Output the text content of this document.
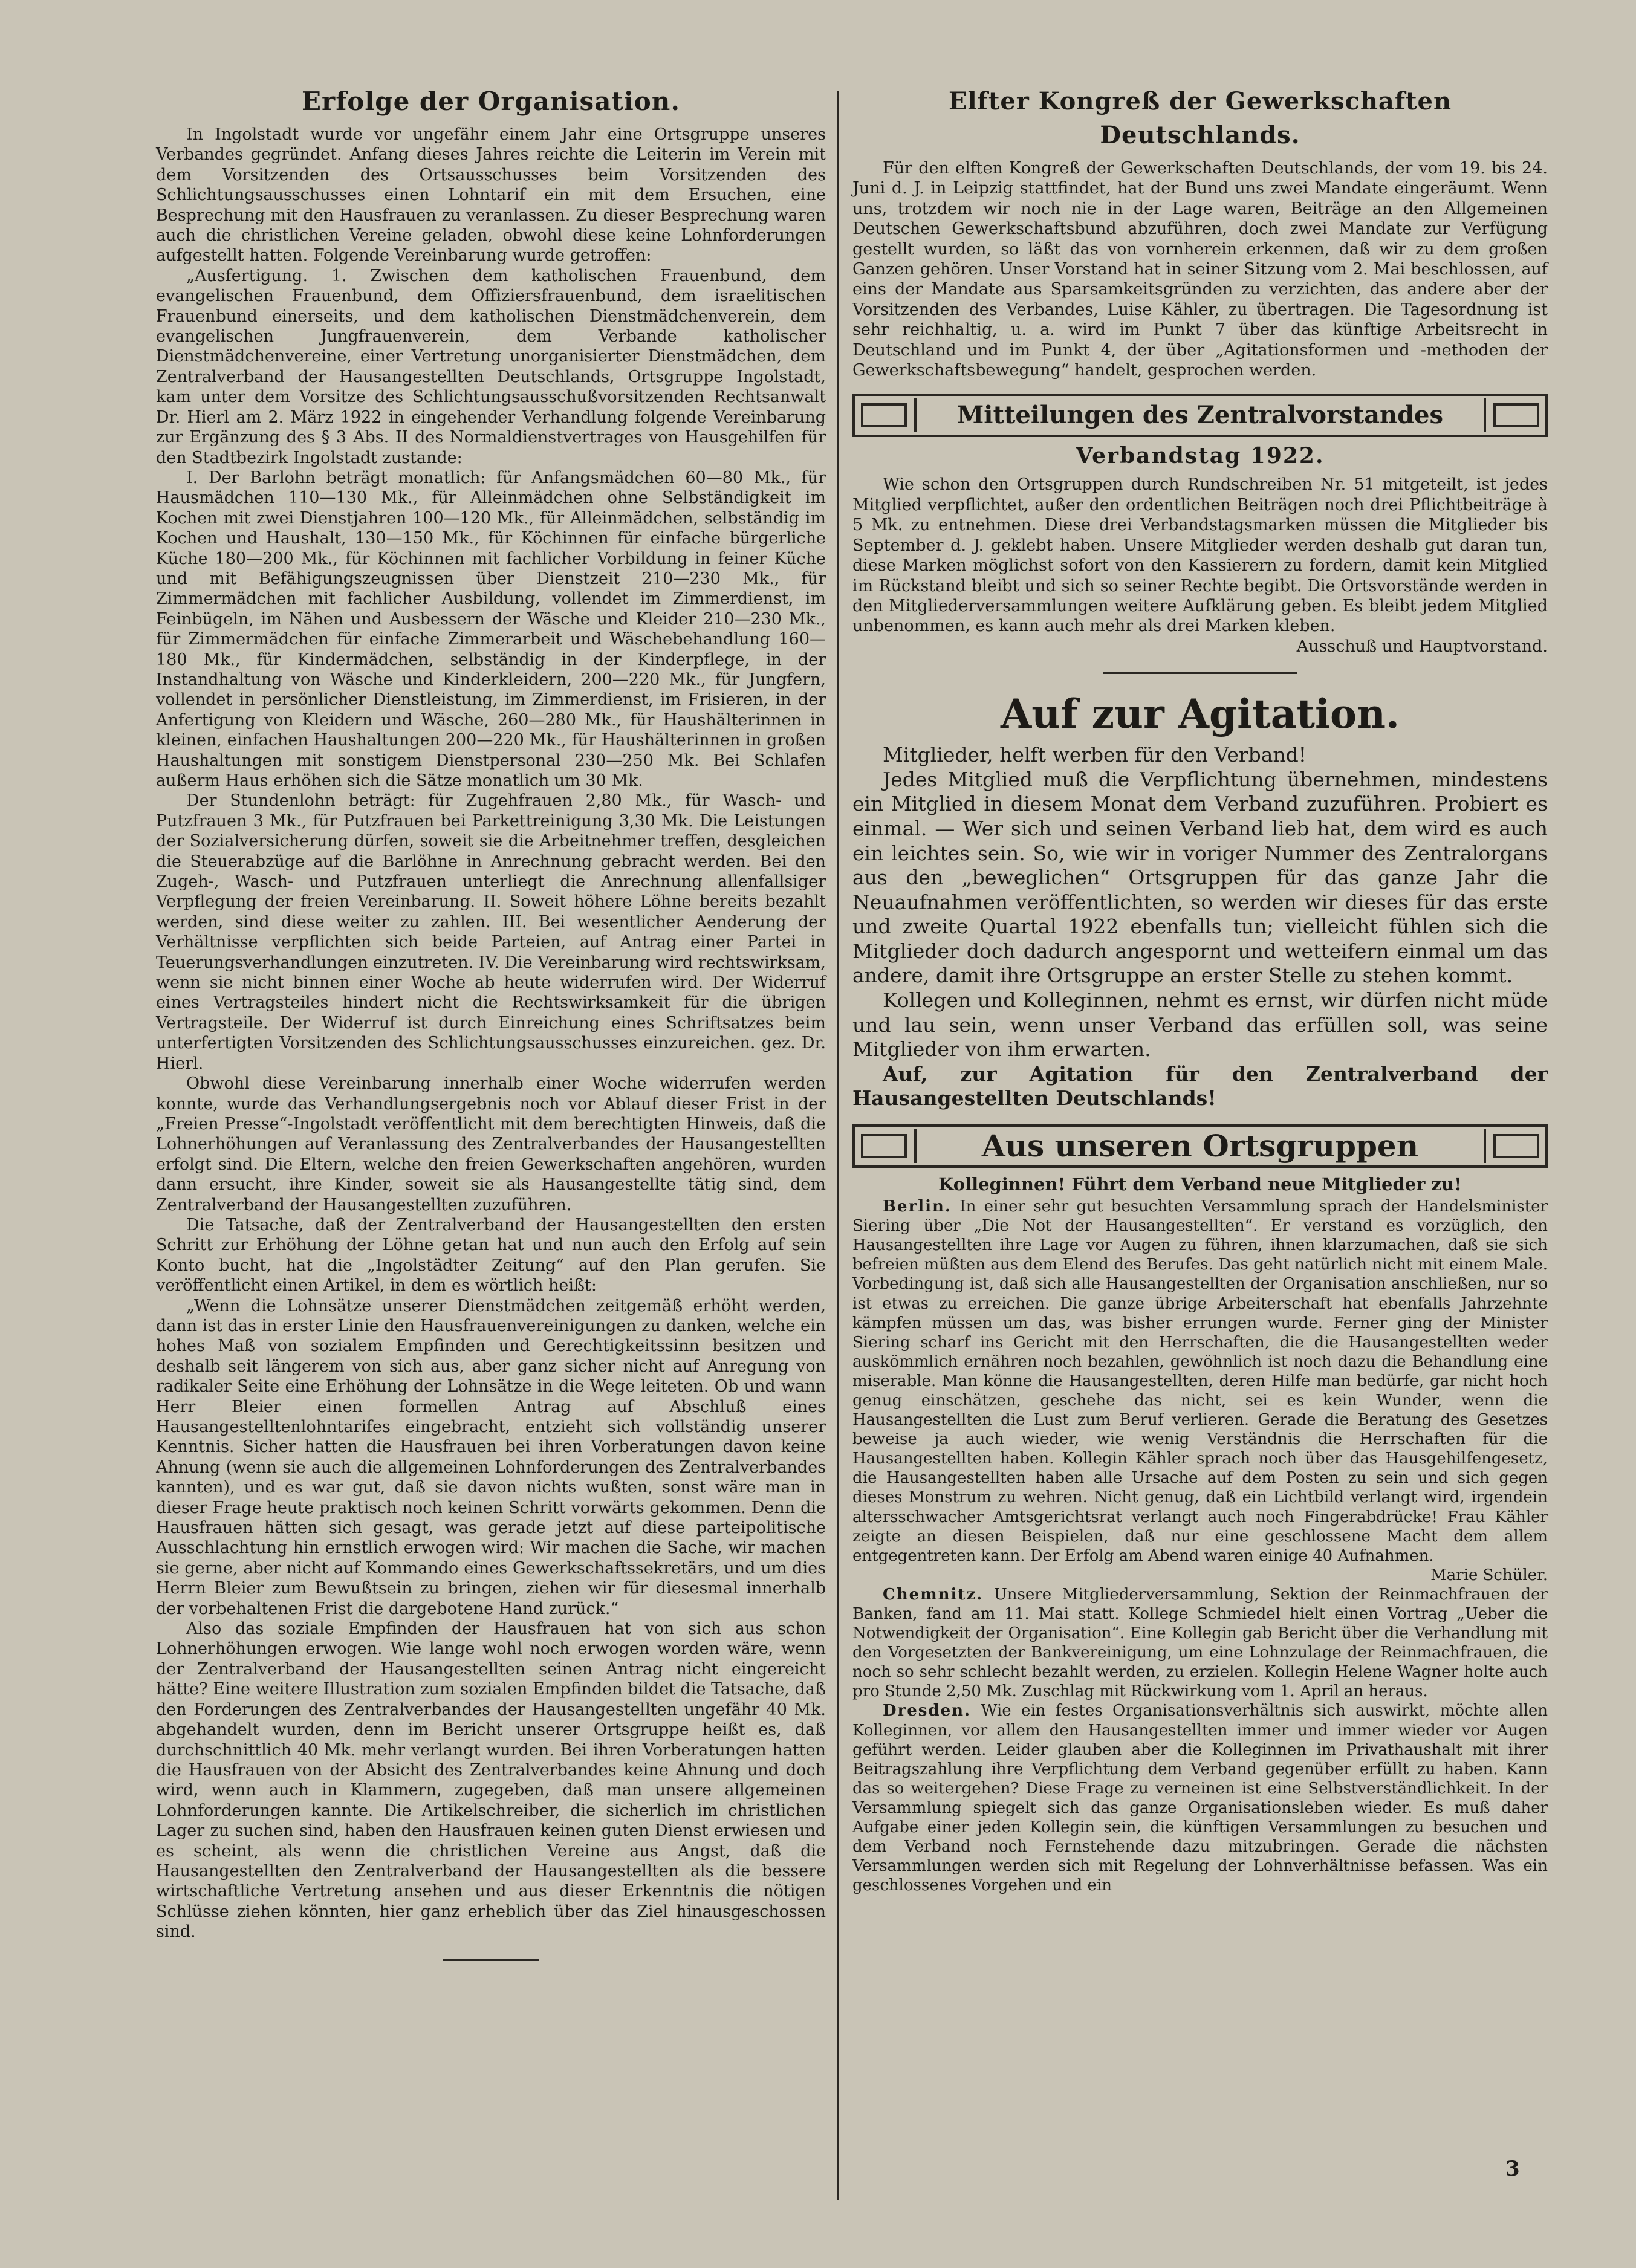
Erfolge der Organisation.

In Ingolstadt wurde vor ungefähr einem Jahr eine Ortsgruppe unseres Verbandes gegründet. Anfang dieses Jahres reichte die Leiterin im Verein mit dem Vorsitzenden des Ortsausschusses beim Vorsitzenden des Schlichtungsausschusses einen Lohntarif ein mit dem Ersuchen, eine Besprechung mit den Hausfrauen zu veranlassen. Zu dieser Besprechung waren auch die christlichen Vereine geladen, obwohl diese keine Lohnforderungen aufgestellt hatten. Folgende Vereinbarung wurde getroffen:

„Ausfertigung. 1. Zwischen dem katholischen Frauenbund, dem evangelischen Frauenbund, dem Offiziersfrauenbund, dem israelitischen Frauenbund einerseits, und dem katholischen Dienstmädchenverein, dem evangelischen Jungfrauenverein, dem Verbande katholischer Dienstmädchenvereine, einer Vertretung unorganisierter Dienstmädchen, dem Zentralverband der Hausangestellten Deutschlands, Ortsgruppe Ingolstadt, kam unter dem Vorsitze des Schlichtungsausschußvorsitzenden Rechtsanwalt Dr. Hierl am 2. März 1922 in eingehender Verhandlung folgende Vereinbarung zur Ergänzung des § 3 Abs. II des Normaldienstvertrages von Hausgehilfen für den Stadtbezirk Ingolstadt zustande:

I. Der Barlohn beträgt monatlich: für Anfangsmädchen 60—80 Mk., für Hausmädchen 110—130 Mk., für Alleinmädchen ohne Selbständigkeit im Kochen mit zwei Dienstjahren 100—120 Mk., für Alleinmädchen, selbständig im Kochen und Haushalt, 130—150 Mk., für Köchinnen für einfache bürgerliche Küche 180—200 Mk., für Köchinnen mit fachlicher Vorbildung in feiner Küche und mit Befähigungszeugnissen über Dienstzeit 210—230 Mk., für Zimmermädchen mit fachlicher Ausbildung, vollendet im Zimmerdienst, im Feinbügeln, im Nähen und Ausbessern der Wäsche und Kleider 210—230 Mk., für Zimmermädchen für einfache Zimmerarbeit und Wäschebehandlung 160—180 Mk., für Kindermädchen, selbständig in der Kinderpflege, in der Instandhaltung von Wäsche und Kinderkleidern, 200—220 Mk., für Jungfern, vollendet in persönlicher Dienstleistung, im Zimmerdienst, im Frisieren, in der Anfertigung von Kleidern und Wäsche, 260—280 Mk., für Haushälterinnen in kleinen, einfachen Haushaltungen 200—220 Mk., für Haushälterinnen in großen Haushaltungen mit sonstigem Dienstpersonal 230—250 Mk. Bei Schlafen außerm Haus erhöhen sich die Sätze monatlich um 30 Mk.

Der Stundenlohn beträgt: für Zugehfrauen 2,80 Mk., für Wasch- und Putzfrauen 3 Mk., für Putzfrauen bei Parkettreinigung 3,30 Mk. Die Leistungen der Sozialversicherung dürfen, soweit sie die Arbeitnehmer treffen, desgleichen die Steuerabzüge auf die Barlöhne in Anrechnung gebracht werden. Bei den Zugeh-, Wasch- und Putzfrauen unterliegt die Anrechnung allenfallsiger Verpflegung der freien Vereinbarung. II. Soweit höhere Löhne bereits bezahlt werden, sind diese weiter zu zahlen. III. Bei wesentlicher Aenderung der Verhältnisse verpflichten sich beide Parteien, auf Antrag einer Partei in Teuerungsverhandlungen einzutreten. IV. Die Vereinbarung wird rechtswirksam, wenn sie nicht binnen einer Woche ab heute widerrufen wird. Der Widerruf eines Vertragsteiles hindert nicht die Rechtswirksamkeit für die übrigen Vertragsteile. Der Widerruf ist durch Einreichung eines Schriftsatzes beim unterfertigten Vorsitzenden des Schlichtungsausschusses einzureichen. gez. Dr. Hierl.

Obwohl diese Vereinbarung innerhalb einer Woche widerrufen werden konnte, wurde das Verhandlungsergebnis noch vor Ablauf dieser Frist in der „Freien Presse“-Ingolstadt veröffentlicht mit dem berechtigten Hinweis, daß die Lohnerhöhungen auf Veranlassung des Zentralverbandes der Hausangestellten erfolgt sind. Die Eltern, welche den freien Gewerkschaften angehören, wurden dann ersucht, ihre Kinder, soweit sie als Hausangestellte tätig sind, dem Zentralverband der Hausangestellten zuzuführen.

Die Tatsache, daß der Zentralverband der Hausangestellten den ersten Schritt zur Erhöhung der Löhne getan hat und nun auch den Erfolg auf sein Konto bucht, hat die „Ingolstädter Zeitung“ auf den Plan gerufen. Sie veröffentlicht einen Artikel, in dem es wörtlich heißt:

„Wenn die Lohnsätze unserer Dienstmädchen zeitgemäß erhöht werden, dann ist das in erster Linie den Hausfrauenvereinigungen zu danken, welche ein hohes Maß von sozialem Empfinden und Gerechtigkeitssinn besitzen und deshalb seit längerem von sich aus, aber ganz sicher nicht auf Anregung von radikaler Seite eine Erhöhung der Lohnsätze in die Wege leiteten. Ob und wann Herr Bleier einen formellen Antrag auf Abschluß eines Hausangestelltenlohntarifes eingebracht, entzieht sich vollständig unserer Kenntnis. Sicher hatten die Hausfrauen bei ihren Vorberatungen davon keine Ahnung (wenn sie auch die allgemeinen Lohnforderungen des Zentralverbandes kannten), und es war gut, daß sie davon nichts wußten, sonst wäre man in dieser Frage heute praktisch noch keinen Schritt vorwärts gekommen. Denn die Hausfrauen hätten sich gesagt, was gerade jetzt auf diese parteipolitische Ausschlachtung hin ernstlich erwogen wird: Wir machen die Sache, wir machen sie gerne, aber nicht auf Kommando eines Gewerkschaftssekretärs, und um dies Herrn Bleier zum Bewußtsein zu bringen, ziehen wir für diesesmal innerhalb der vorbehaltenen Frist die dargebotene Hand zurück.“

Also das soziale Empfinden der Hausfrauen hat von sich aus schon Lohnerhöhungen erwogen. Wie lange wohl noch erwogen worden wäre, wenn der Zentralverband der Hausangestellten seinen Antrag nicht eingereicht hätte? Eine weitere Illustration zum sozialen Empfinden bildet die Tatsache, daß den Forderungen des Zentralverbandes der Hausangestellten ungefähr 40 Mk. abgehandelt wurden, denn im Bericht unserer Ortsgruppe heißt es, daß durchschnittlich 40 Mk. mehr verlangt wurden. Bei ihren Vorberatungen hatten die Hausfrauen von der Absicht des Zentralverbandes keine Ahnung und doch wird, wenn auch in Klammern, zugegeben, daß man unsere allgemeinen Lohnforderungen kannte. Die Artikelschreiber, die sicherlich im christlichen Lager zu suchen sind, haben den Hausfrauen keinen guten Dienst erwiesen und es scheint, als wenn die christlichen Vereine aus Angst, daß die Hausangestellten den Zentralverband der Hausangestellten als die bessere wirtschaftliche Vertretung ansehen und aus dieser Erkenntnis die nötigen Schlüsse ziehen könnten, hier ganz erheblich über das Ziel hinausgeschossen sind.

Elfter Kongreß der Gewerkschaften Deutschlands.

Für den elften Kongreß der Gewerkschaften Deutschlands, der vom 19. bis 24. Juni d. J. in Leipzig stattfindet, hat der Bund uns zwei Mandate eingeräumt. Wenn uns, trotzdem wir noch nie in der Lage waren, Beiträge an den Allgemeinen Deutschen Gewerkschaftsbund abzuführen, doch zwei Mandate zur Verfügung gestellt wurden, so läßt das von vornherein erkennen, daß wir zu dem großen Ganzen gehören. Unser Vorstand hat in seiner Sitzung vom 2. Mai beschlossen, auf eins der Mandate aus Sparsamkeitsgründen zu verzichten, das andere aber der Vorsitzenden des Verbandes, Luise Kähler, zu übertragen. Die Tagesordnung ist sehr reichhaltig, u. a. wird im Punkt 7 über das künftige Arbeitsrecht in Deutschland und im Punkt 4, der über „Agitationsformen und -methoden der Gewerkschaftsbewegung“ handelt, gesprochen werden.

Mitteilungen des Zentralvorstandes
Verbandstag 1922.

Wie schon den Ortsgruppen durch Rundschreiben Nr. 51 mitgeteilt, ist jedes Mitglied verpflichtet, außer den ordentlichen Beiträgen noch drei Pflichtbeiträge à 5 Mk. zu entnehmen. Diese drei Verbandstagsmarken müssen die Mitglieder bis September d. J. geklebt haben. Unsere Mitglieder werden deshalb gut daran tun, diese Marken möglichst sofort von den Kassierern zu fordern, damit kein Mitglied im Rückstand bleibt und sich so seiner Rechte begibt. Die Ortsvorstände werden in den Mitgliederversammlungen weitere Aufklärung geben. Es bleibt jedem Mitglied unbenommen, es kann auch mehr als drei Marken kleben.

Ausschuß und Hauptvorstand.

Auf zur Agitation.

Mitglieder, helft werben für den Verband!

Jedes Mitglied muß die Verpflichtung übernehmen, mindestens ein Mitglied in diesem Monat dem Verband zuzuführen. Probiert es einmal. — Wer sich und seinen Verband lieb hat, dem wird es auch ein leichtes sein. So, wie wir in voriger Nummer des Zentralorgans aus den „beweglichen“ Ortsgruppen für das ganze Jahr die Neuaufnahmen veröffentlichten, so werden wir dieses für das erste und zweite Quartal 1922 ebenfalls tun; vielleicht fühlen sich die Mitglieder doch dadurch angespornt und wetteifern einmal um das andere, damit ihre Ortsgruppe an erster Stelle zu stehen kommt.

Kollegen und Kolleginnen, nehmt es ernst, wir dürfen nicht müde und lau sein, wenn unser Verband das erfüllen soll, was seine Mitglieder von ihm erwarten.

Auf, zur Agitation für den Zentralverband der Hausangestellten Deutschlands!

Aus unseren Ortsgruppen
Kolleginnen! Führt dem Verband neue Mitglieder zu!

Berlin. In einer sehr gut besuchten Versammlung sprach der Handelsminister Siering über „Die Not der Hausangestellten“. Er verstand es vorzüglich, den Hausangestellten ihre Lage vor Augen zu führen, ihnen klarzumachen, daß sie sich befreien müßten aus dem Elend des Berufes. Das geht natürlich nicht mit einem Male. Vorbedingung ist, daß sich alle Hausangestellten der Organisation anschließen, nur so ist etwas zu erreichen. Die ganze übrige Arbeiterschaft hat ebenfalls Jahrzehnte kämpfen müssen um das, was bisher errungen wurde. Ferner ging der Minister Siering scharf ins Gericht mit den Herrschaften, die die Hausangestellten weder auskömmlich ernähren noch bezahlen, gewöhnlich ist noch dazu die Behandlung eine miserable. Man könne die Hausangestellten, deren Hilfe man bedürfe, gar nicht hoch genug einschätzen, geschehe das nicht, sei es kein Wunder, wenn die Hausangestellten die Lust zum Beruf verlieren. Gerade die Beratung des Gesetzes beweise ja auch wieder, wie wenig Verständnis die Herrschaften für die Hausangestellten haben. Kollegin Kähler sprach noch über das Hausgehilfengesetz, die Hausangestellten haben alle Ursache auf dem Posten zu sein und sich gegen dieses Monstrum zu wehren. Nicht genug, daß ein Lichtbild verlangt wird, irgendein altersschwacher Amtsgerichtsrat verlangt auch noch Fingerabdrücke! Frau Kähler zeigte an diesen Beispielen, daß nur eine geschlossene Macht dem allem entgegentreten kann. Der Erfolg am Abend waren einige 40 Aufnahmen.

Marie Schüler.

Chemnitz. Unsere Mitgliederversammlung, Sektion der Reinmachfrauen der Banken, fand am 11. Mai statt. Kollege Schmiedel hielt einen Vortrag „Ueber die Notwendigkeit der Organisation“. Eine Kollegin gab Bericht über die Verhandlung mit den Vorgesetzten der Bankvereinigung, um eine Lohnzulage der Reinmachfrauen, die noch so sehr schlecht bezahlt werden, zu erzielen. Kollegin Helene Wagner holte auch pro Stunde 2,50 Mk. Zuschlag mit Rückwirkung vom 1. April an heraus.

Dresden. Wie ein festes Organisationsverhältnis sich auswirkt, möchte allen Kolleginnen, vor allem den Hausangestellten immer und immer wieder vor Augen geführt werden. Leider glauben aber die Kolleginnen im Privathaushalt mit ihrer Beitragszahlung ihre Verpflichtung dem Verband gegenüber erfüllt zu haben. Kann das so weitergehen? Diese Frage zu verneinen ist eine Selbstverständlichkeit. In der Versammlung spiegelt sich das ganze Organisationsleben wieder. Es muß daher Aufgabe einer jeden Kollegin sein, die künftigen Versammlungen zu besuchen und dem Verband noch Fernstehende dazu mitzubringen. Gerade die nächsten Versammlungen werden sich mit Regelung der Lohnverhältnisse befassen. Was ein geschlossenes Vorgehen und ein

3
